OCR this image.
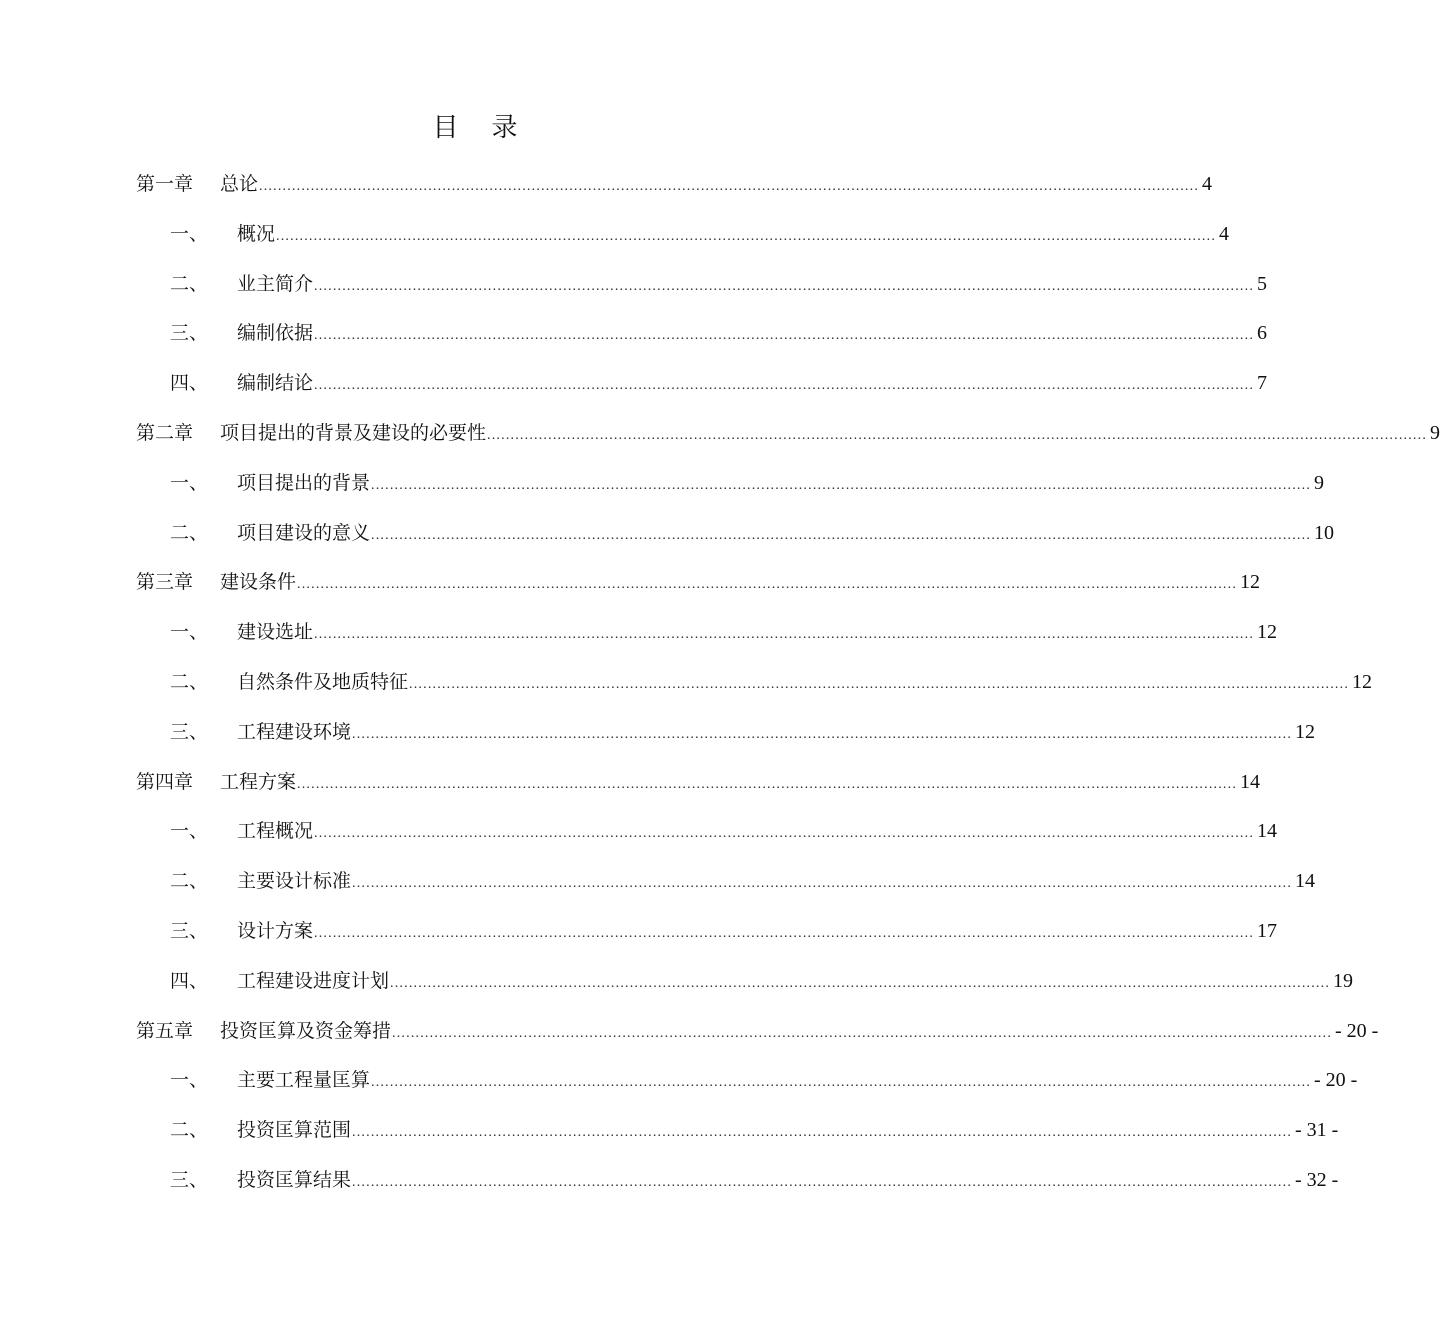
目    录
第一章	总论 ........................................................................................................................................................................................................ 4
一、	概况 ........................................................................................................................................................................................................ 4
二、	业主简介 ........................................................................................................................................................................................................ 5
三、	编制依据 ........................................................................................................................................................................................................ 6
四、	编制结论 ........................................................................................................................................................................................................ 7
第二章	项目提出的背景及建设的必要性 ........................................................................................................................................................................................................ 9
一、	项目提出的背景 ........................................................................................................................................................................................................ 9
二、	项目建设的意义 ........................................................................................................................................................................................................ 10
第三章	建设条件 ........................................................................................................................................................................................................ 12
一、	建设选址 ........................................................................................................................................................................................................ 12
二、	自然条件及地质特征 ........................................................................................................................................................................................................ 12
三、	工程建设环境 ........................................................................................................................................................................................................ 12
第四章	工程方案 ........................................................................................................................................................................................................ 14
一、	工程概况 ........................................................................................................................................................................................................ 14
二、	主要设计标准 ........................................................................................................................................................................................................ 14
三、	设计方案 ........................................................................................................................................................................................................ 17
四、	工程建设进度计划 ........................................................................................................................................................................................................ 19
第五章	投资匡算及资金筹措 ........................................................................................................................................................................................................ - 20 -
一、	主要工程量匡算 ........................................................................................................................................................................................................ - 20 -
二、	投资匡算范围 ........................................................................................................................................................................................................ - 31 -
三、	投资匡算结果 ........................................................................................................................................................................................................ - 32 -
